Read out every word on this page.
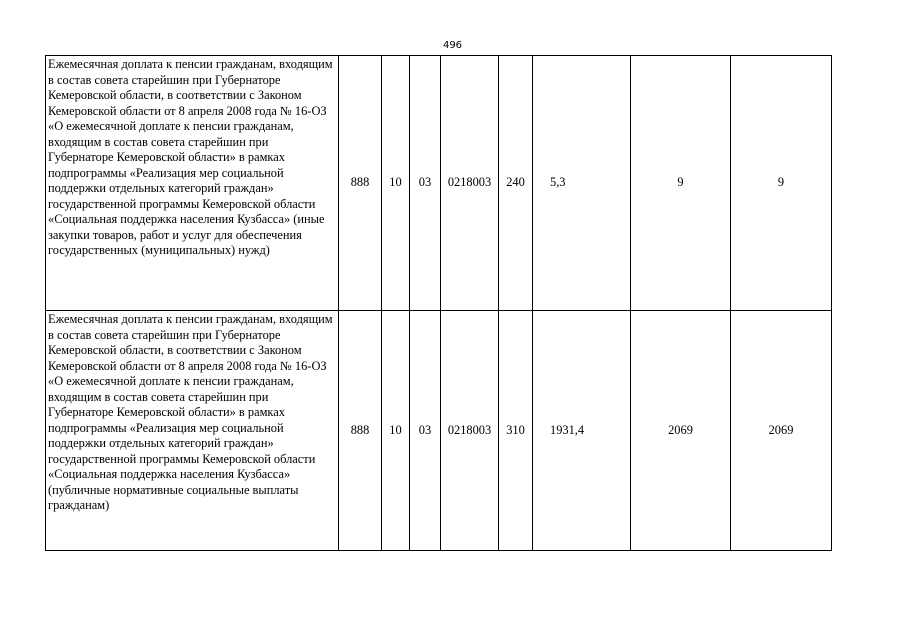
496
Ежемесячная доплата к пенсии гражданам, входящим в состав совета старейшин при Губернаторе Кемеровской области, в соответствии с Законом Кемеровской области от 8 апреля 2008 года № 16-ОЗ «О ежемесячной доплате к пенсии гражданам, входящим в состав совета старейшин при Губернаторе Кемеровской области» в рамках подпрограммы «Реализация мер социальной поддержки отдельных категорий граждан» государственной программы Кемеровской области «Социальная поддержка населения Кузбасса» (иные закупки товаров, работ и услуг для обеспечения государственных (муниципальных) нужд)	888	10	03	0218003	240	5,3	9	9
Ежемесячная доплата к пенсии гражданам, входящим в состав совета старейшин при Губернаторе Кемеровской области, в соответствии с Законом Кемеровской области от 8 апреля 2008 года № 16-ОЗ «О ежемесячной доплате к пенсии гражданам, входящим в состав совета старейшин при Губернаторе Кемеровской области» в рамках подпрограммы «Реализация мер социальной поддержки отдельных категорий граждан» государственной программы Кемеровской области «Социальная поддержка населения Кузбасса» (публичные нормативные социальные выплаты гражданам)	888	10	03	0218003	310	1931,4	2069	2069
